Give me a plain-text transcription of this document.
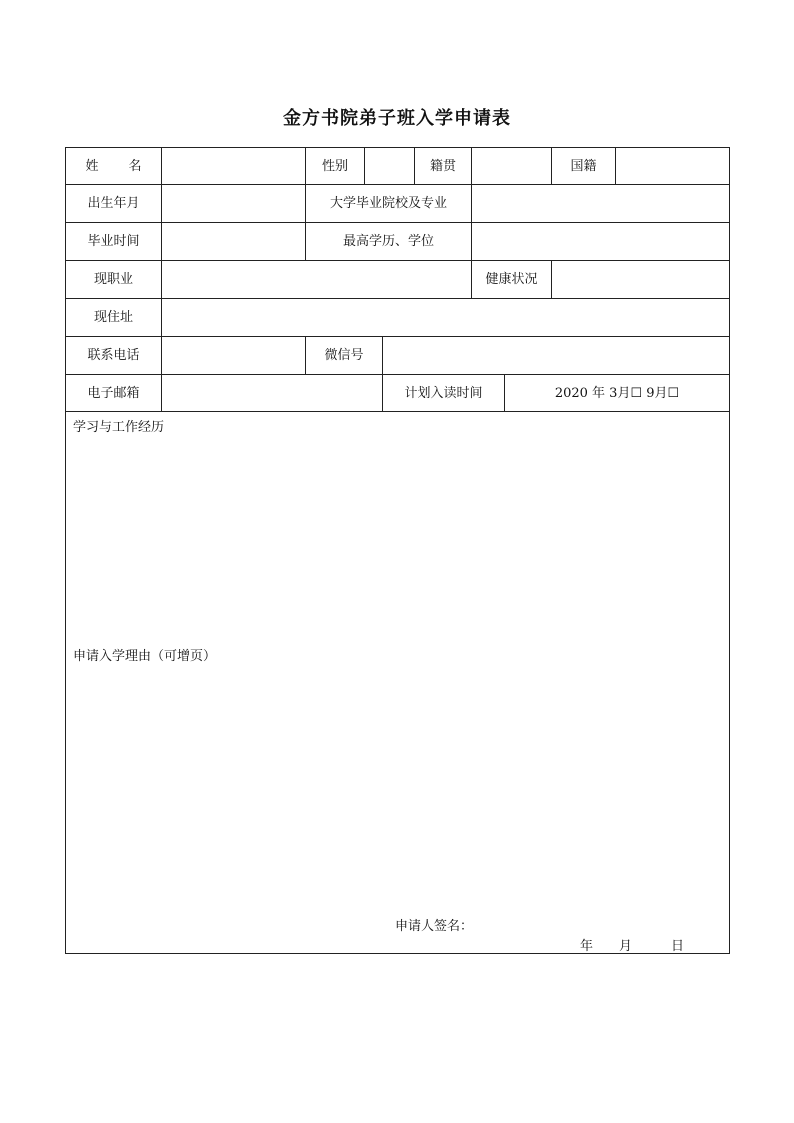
金方书院弟子班入学申请表
姓 名	性别	籍贯	国籍
出生年月	大学毕业院校及专业
毕业时间	最高学历、学位
现职业	健康状况
现住址
联系电话	微信号
电子邮箱	计划入读时间	2020 年 3月☐ 9月☐
学习与工作经历
申请入学理由（可增页）
申请人签名：
年　　月　　　日
